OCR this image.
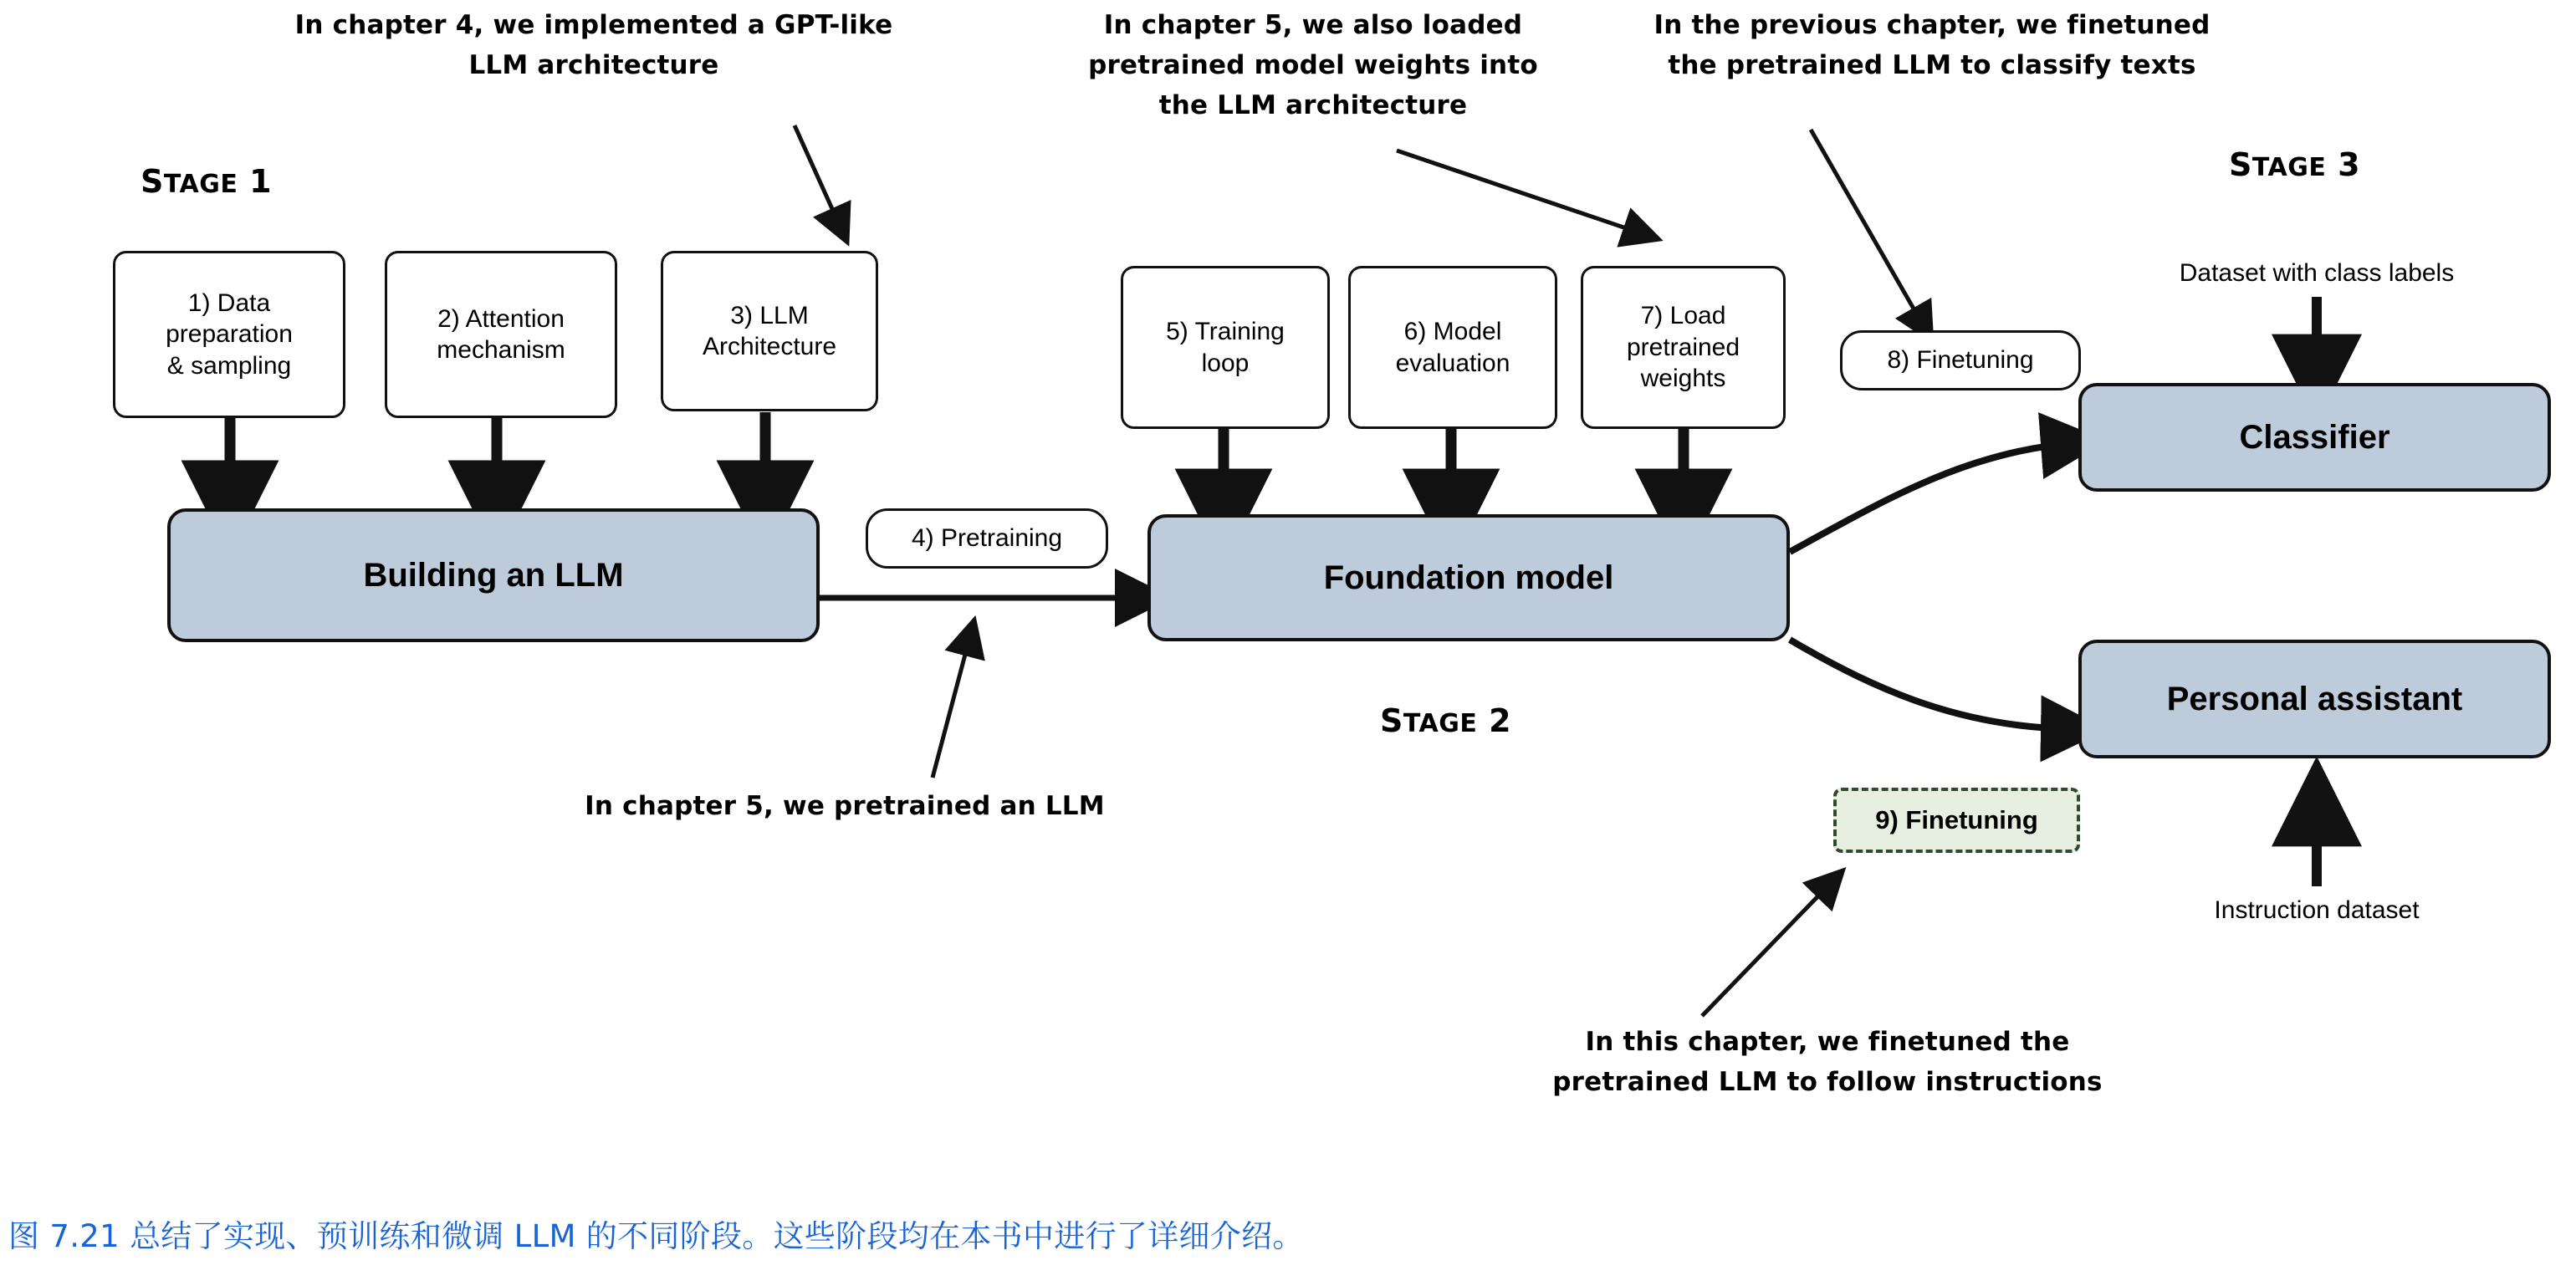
In chapter 4, we implemented a GPT-like
LLM architecture
In chapter 5, we also loaded
pretrained model weights into
the LLM architecture
In the previous chapter, we finetuned
the pretrained LLM to classify texts
In chapter 5, we pretrained an LLM
In this chapter, we finetuned the
pretrained LLM to follow instructions
STAGE 1
STAGE 2
STAGE 3
1) Data
preparation
& sampling
2) Attention
mechanism
3) LLM
Architecture
4) Pretraining
5) Training
loop
6) Model
evaluation
7) Load
pretrained
weights
8) Finetuning
9) Finetuning
Building an LLM	Foundation model
Classifier
Personal assistant
Dataset with class labels
Instruction dataset
图 7.21 总结了实现、预训练和微调 LLM 的不同阶段。这些阶段均在本书中进行了详细介绍。
